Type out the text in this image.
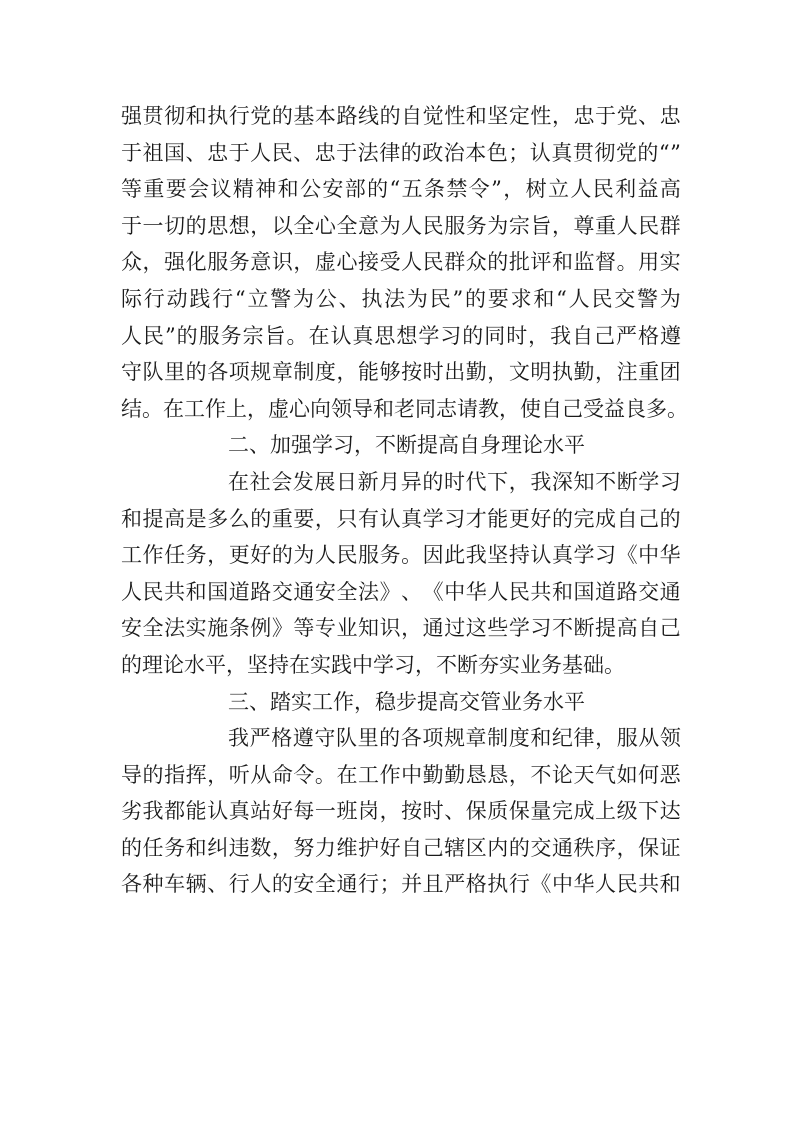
强 贯 彻 和 执 行 党 的 基 本 路 线 的 自 觉 性 和 坚 定 性 ， 忠 于 党 、 忠
于 祖 国 、 忠 于 人 民 、 忠 于 法 律 的 政 治 本 色 ； 认 真 贯 彻 党 的 “ ”
等 重 要 会 议 精 神 和 公 安 部 的 “ 五 条 禁 令 ” ， 树 立 人 民 利 益 高
于 一 切 的 思 想 ， 以 全 心 全 意 为 人 民 服 务 为 宗 旨 ， 尊 重 人 民 群
众 ， 强 化 服 务 意 识 ， 虚 心 接 受 人 民 群 众 的 批 评 和 监 督 。 用 实
际 行 动 践 行 “ 立 警 为 公 、 执 法 为 民 ” 的 要 求 和 “ 人 民 交 警 为
人 民 ” 的 服 务 宗 旨 。 在 认 真 思 想 学 习 的 同 时 ， 我 自 己 严 格 遵
守 队 里 的 各 项 规 章 制 度 ， 能 够 按 时 出 勤 ， 文 明 执 勤 ， 注 重 团
结 。 在 工 作 上 ， 虚 心 向 领 导 和 老 同 志 请 教 ， 使 自 己 受 益 良 多 。
二、加强学习，不断提高自身理论水平
在 社 会 发 展 日 新 月 异 的 时 代 下 ， 我 深 知 不 断 学 习
和 提 高 是 多 么 的 重 要 ， 只 有 认 真 学 习 才 能 更 好 的 完 成 自 己 的
工 作 任 务 ， 更 好 的 为 人 民 服 务 。 因 此 我 坚 持 认 真 学 习 《 中 华
人 民 共 和 国 道 路 交 通 安 全 法 》 、 《 中 华 人 民 共 和 国 道 路 交 通
安 全 法 实 施 条 例 》 等 专 业 知 识 ， 通 过 这 些 学 习 不 断 提 高 自 己
的理论水平，坚持在实践中学习，不断夯实业务基础。
三、踏实工作，稳步提高交管业务水平
我 严 格 遵 守 队 里 的 各 项 规 章 制 度 和 纪 律 ， 服 从 领
导 的 指 挥 ， 听 从 命 令 。 在 工 作 中 勤 勤 恳 恳 ， 不 论 天 气 如 何 恶
劣 我 都 能 认 真 站 好 每 一 班 岗 ， 按 时 、 保 质 保 量 完 成 上 级 下 达
的 任 务 和 纠 违 数 ， 努 力 维 护 好 自 己 辖 区 内 的 交 通 秩 序 ， 保 证
各 种 车 辆 、 行 人 的 安 全 通 行 ； 并 且 严 格 执 行 《 中 华 人 民 共 和
